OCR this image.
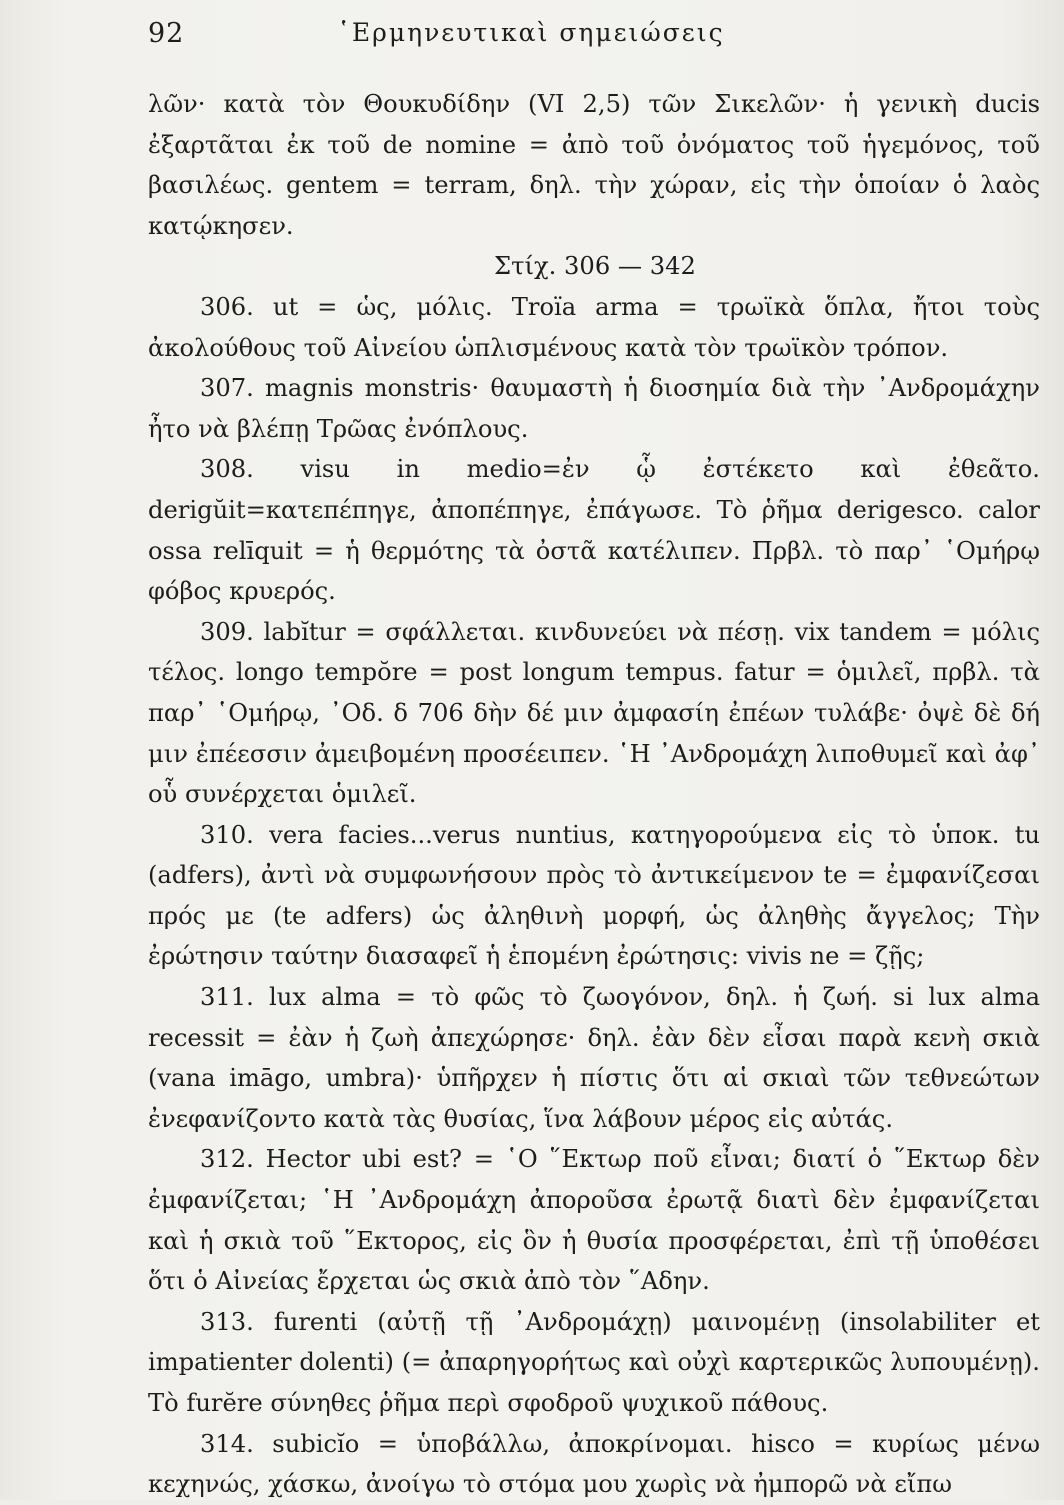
92	῾Ερμηνευτικαὶ σημειώσεις

λῶν· κατὰ τὸν Θουκυδίδην (VI 2,5) τῶν Σικελῶν· ἡ γενικὴ ducis ἐξαρτᾶται ἐκ τοῦ de nomine = ἀπὸ τοῦ ὀνόματος τοῦ ἡγεμόνος, τοῦ βασιλέως. gentem = terram, δηλ. τὴν χώραν, εἰς τὴν ὁποίαν ὁ λαὸς κατῴκησεν.

Στίχ. 306 — 342

306. ut = ὡς, μόλις. Troïa arma = τρωϊκὰ ὅπλα, ἤτοι τοὺς ἀκολούθους τοῦ Αἰνείου ὡπλισμένους κατὰ τὸν τρωϊκὸν τρόπον.

307. magnis monstris· θαυμαστὴ ἡ διοσημία διὰ τὴν ᾿Ανδρομάχην ἦτο νὰ βλέπῃ Τρῶας ἐνόπλους.

308. visu in medio=ἐν ᾧ ἐστέκετο καὶ ἐθεᾶτο. derigŭit=κατεπέπηγε, ἀποπέπηγε, ἐπάγωσε. Τὸ ῥῆμα derigesco. calor ossa relīquit = ἡ θερμότης τὰ ὀστᾶ κατέλιπεν. Πρβλ. τὸ παρ᾿ ῾Ομήρῳ φόβος κρυερός.

309. labĭtur = σφάλλεται. κινδυνεύει νὰ πέσῃ. vix tandem = μόλις τέλος. longo tempŏre = post longum tempus. fatur = ὁμιλεῖ, πρβλ. τὰ παρ᾿ ῾Ομήρῳ, ᾿Οδ. δ 706 δὴν δέ μιν ἀμφασίη ἐπέων τυλάβε· ὀψὲ δὲ δή μιν ἐπέεσσιν ἀμειβομένη προσέειπεν. ῾Η ᾿Ανδρομάχη λιποθυμεῖ καὶ ἀφ᾿ οὗ συνέρχεται ὁμιλεῖ.

310. vera facies...verus nuntius, κατηγορούμενα εἰς τὸ ὑποκ. tu (adfers), ἀντὶ νὰ συμφωνήσουν πρὸς τὸ ἀντικείμενον te = ἐμφανίζεσαι πρός με (te adfers) ὡς ἀληθινὴ μορφή, ὡς ἀληθὴς ἄγγελος; Τὴν ἐρώτησιν ταύτην διασαφεῖ ἡ ἑπομένη ἐρώτησις: vivis ne = ζῇς;

311. lux alma = τὸ φῶς τὸ ζωογόνον, δηλ. ἡ ζωή. si lux alma recessit = ἐὰν ἡ ζωὴ ἀπεχώρησε· δηλ. ἐὰν δὲν εἶσαι παρὰ κενὴ σκιὰ (vana imāgo, umbra)· ὑπῆρχεν ἡ πίστις ὅτι αἱ σκιαὶ τῶν τεθνεώτων ἐνεφανίζοντο κατὰ τὰς θυσίας, ἵνα λάβουν μέρος εἰς αὐτάς.

312. Hector ubi est? = ῾Ο ῞Εκτωρ ποῦ εἶναι; διατί ὁ ῞Εκτωρ δὲν ἐμφανίζεται; ῾Η ᾿Ανδρομάχη ἀποροῦσα ἐρωτᾷ διατὶ δὲν ἐμφανίζεται καὶ ἡ σκιὰ τοῦ ῞Εκτορος, εἰς ὃν ἡ θυσία προσφέρεται, ἐπὶ τῇ ὑποθέσει ὅτι ὁ Αἰνείας ἔρχεται ὡς σκιὰ ἀπὸ τὸν ῞Αδην.

313. furenti (αὐτῇ τῇ ᾿Ανδρομάχῃ) μαινομένῃ (insolabiliter et impatienter dolenti) (= ἀπαρηγορήτως καὶ οὐχὶ καρτερικῶς λυπουμένῃ). Τὸ furĕre σύνηθες ῥῆμα περὶ σφοδροῦ ψυχικοῦ πάθους.

314. subicĭo = ὑποβάλλω, ἀποκρίνομαι. hisco = κυρίως μένω κεχηνώς, χάσκω, ἀνοίγω τὸ στόμα μου χωρὶς νὰ ἠμπορῶ νὰ εἴπω
